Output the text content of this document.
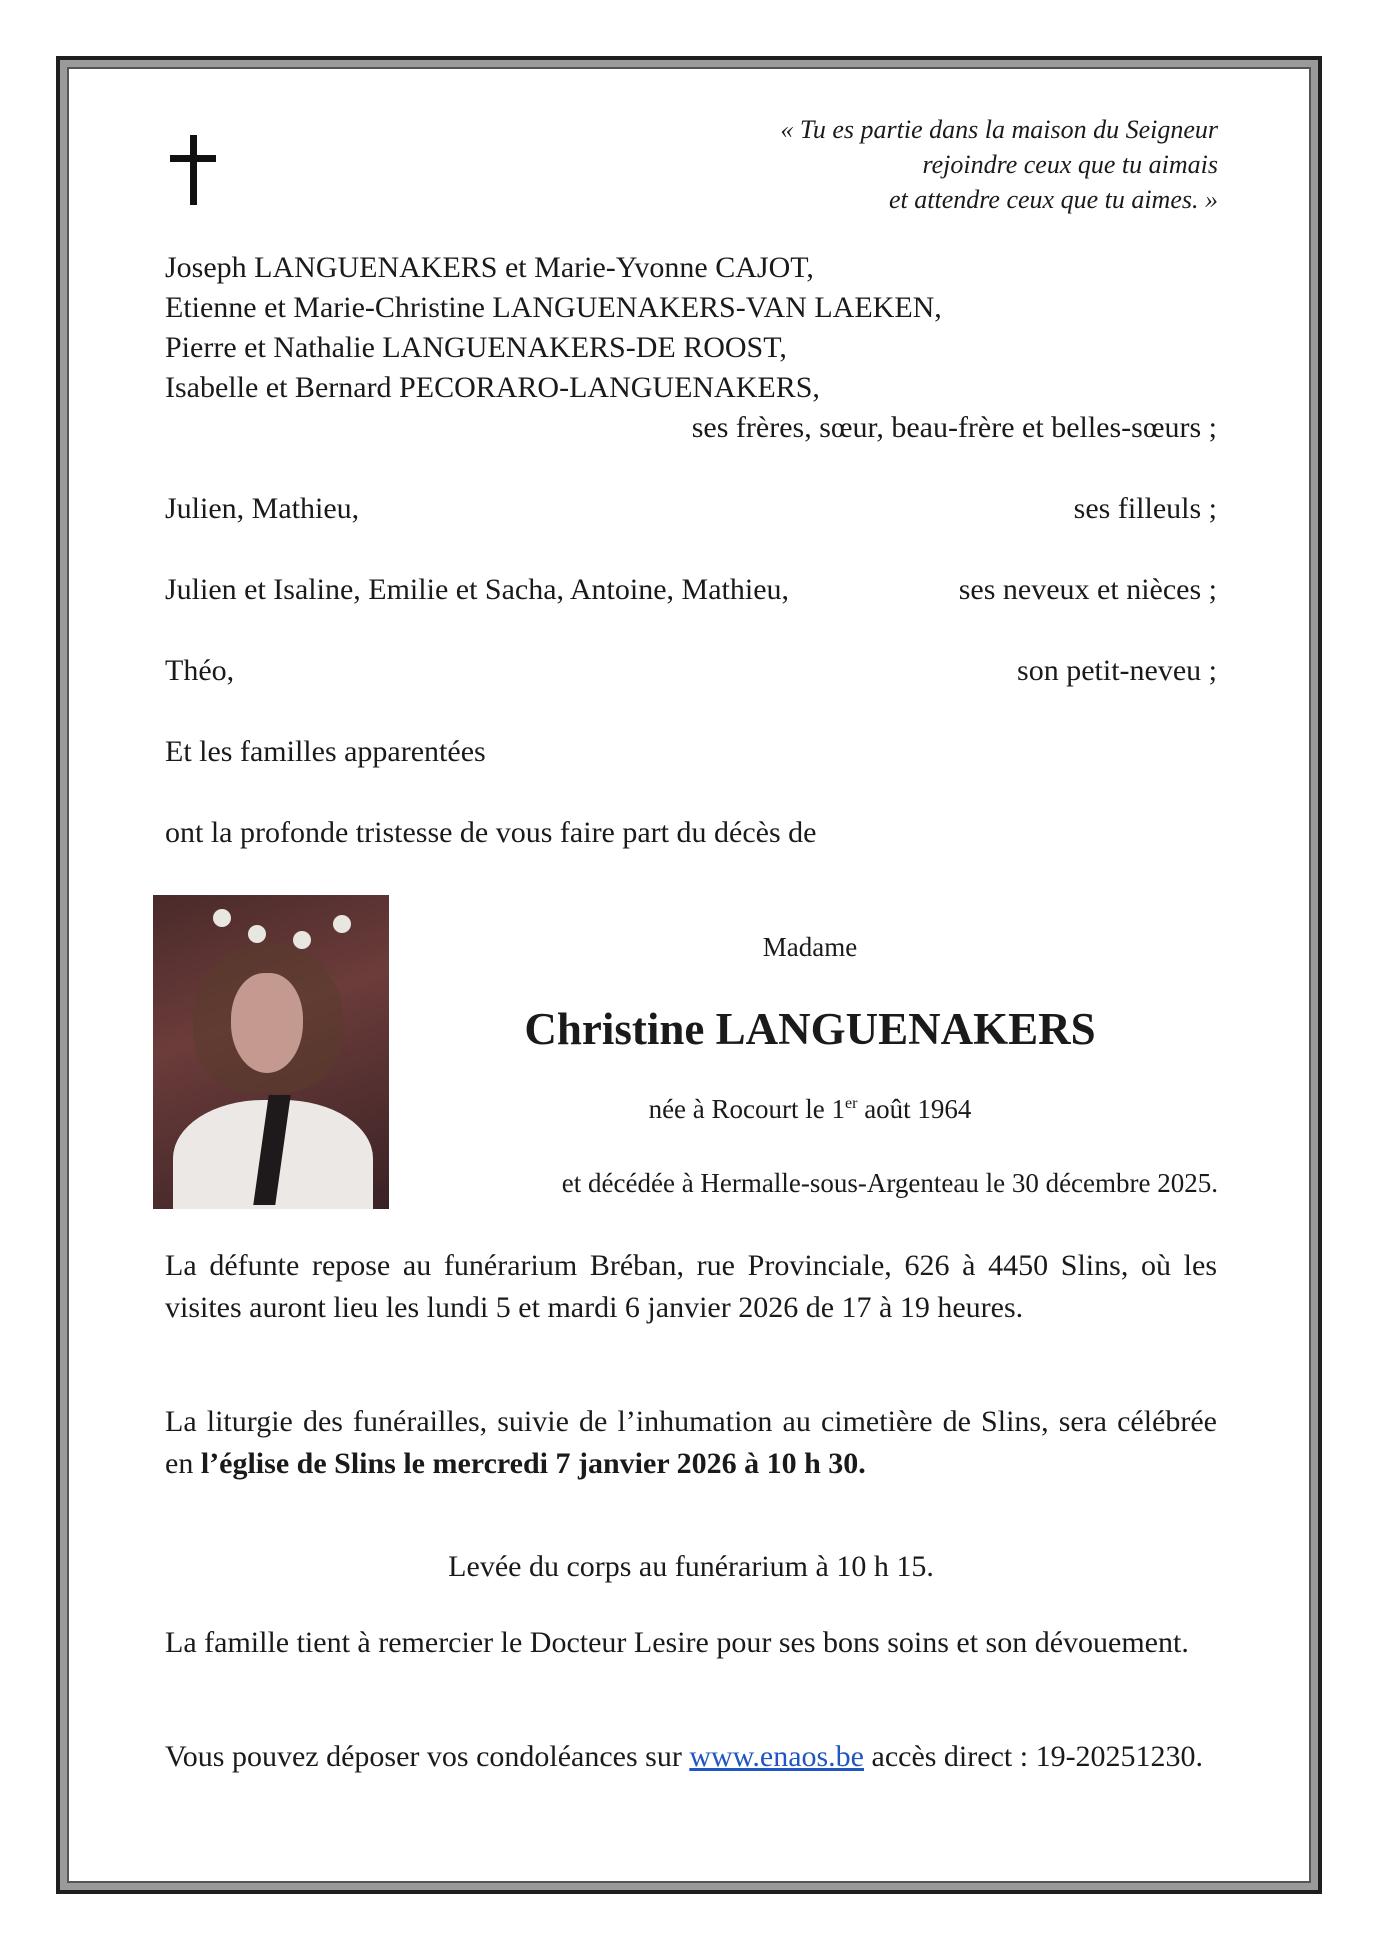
« Tu es partie dans la maison du Seigneur
rejoindre ceux que tu aimais
et attendre ceux que tu aimes. »
Joseph LANGUENAKERS et Marie-Yvonne CAJOT,
Etienne et Marie-Christine LANGUENAKERS-VAN LAEKEN,
Pierre et Nathalie LANGUENAKERS-DE ROOST,
Isabelle et Bernard PECORARO-LANGUENAKERS,
ses frères, sœur, beau-frère et belles-sœurs ;
Julien, Mathieu,	ses filleuls ;
Julien et Isaline, Emilie et Sacha, Antoine, Mathieu,	ses neveux et nièces ;
Théo,	son petit-neveu ;
Et les familles apparentées
ont la profonde tristesse de vous faire part du décès de
Madame
Christine LANGUENAKERS
née à Rocourt le 1er août 1964
et décédée à Hermalle-sous-Argenteau le 30 décembre 2025.
La défunte repose au funérarium Bréban, rue Provinciale, 626 à 4450 Slins, où les visites auront lieu les lundi 5 et mardi 6 janvier 2026 de 17 à 19 heures.
La liturgie des funérailles, suivie de l’inhumation au cimetière de Slins, sera célébrée en l’église de Slins le mercredi 7 janvier 2026 à 10 h 30.
Levée du corps au funérarium à 10 h 15.
La famille tient à remercier le Docteur Lesire pour ses bons soins et son dévouement.
Vous pouvez déposer vos condoléances sur www.enaos.be accès direct : 19-20251230.
